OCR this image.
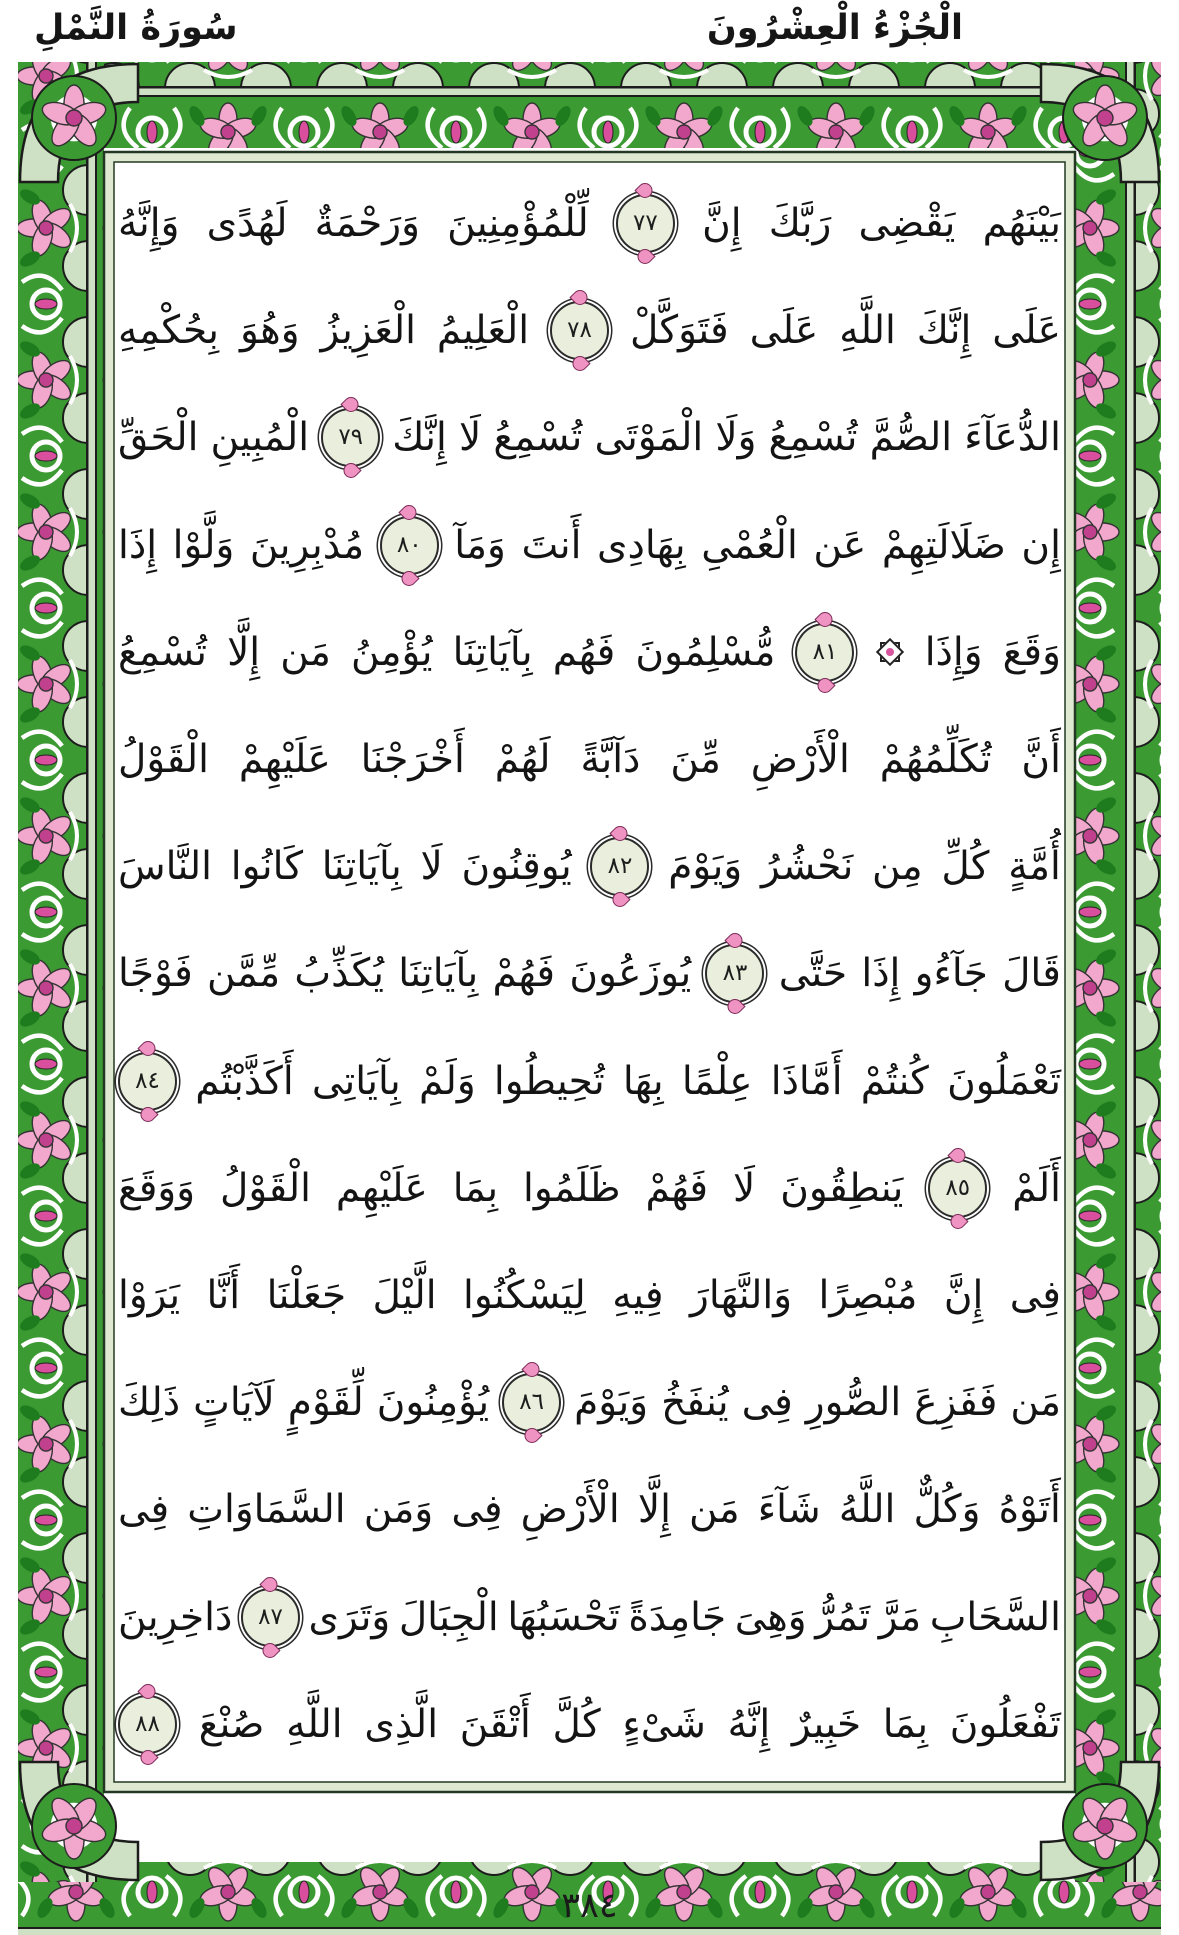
الْجُزْءُ الْعِشْرُونَ
سُورَةُ النَّمْلِ
وَإِنَّهُ لَهُدًى وَرَحْمَةٌ لِّلْمُؤْمِنِينَ ٧٧ إِنَّ رَبَّكَ يَقْضِى بَيْنَهُم
بِحُكْمِهِ وَهُوَ الْعَزِيزُ الْعَلِيمُ ٧٨ فَتَوَكَّلْ عَلَى اللَّهِ إِنَّكَ عَلَى
الْحَقِّ الْمُبِينِ ٧٩ إِنَّكَ لَا تُسْمِعُ الْمَوْتَى وَلَا تُسْمِعُ الصُّمَّ الدُّعَآءَ
إِذَا وَلَّوْا مُدْبِرِينَ ٨٠ وَمَآ أَنتَ بِهَادِى الْعُمْىِ عَن ضَلَالَتِهِمْ إِن
تُسْمِعُ إِلَّا مَن يُؤْمِنُ بِآيَاتِنَا فَهُم مُّسْلِمُونَ ٨١ وَإِذَا وَقَعَ
الْقَوْلُ عَلَيْهِمْ أَخْرَجْنَا لَهُمْ دَآبَّةً مِّنَ الْأَرْضِ تُكَلِّمُهُمْ أَنَّ
النَّاسَ كَانُوا بِآيَاتِنَا لَا يُوقِنُونَ ٨٢ وَيَوْمَ نَحْشُرُ مِن كُلِّ أُمَّةٍ
فَوْجًا مِّمَّن يُكَذِّبُ بِآيَاتِنَا فَهُمْ يُوزَعُونَ ٨٣ حَتَّى إِذَا جَآءُو قَالَ
٨٤ أَكَذَّبْتُم بِآيَاتِى وَلَمْ تُحِيطُوا بِهَا عِلْمًا أَمَّاذَا كُنتُمْ تَعْمَلُونَ
وَوَقَعَ الْقَوْلُ عَلَيْهِم بِمَا ظَلَمُوا فَهُمْ لَا يَنطِقُونَ ٨٥ أَلَمْ
يَرَوْا أَنَّا جَعَلْنَا الَّيْلَ لِيَسْكُنُوا فِيهِ وَالنَّهَارَ مُبْصِرًا إِنَّ فِى
ذَلِكَ لَآيَاتٍ لِّقَوْمٍ يُؤْمِنُونَ ٨٦ وَيَوْمَ يُنفَخُ فِى الصُّورِ فَفَزِعَ مَن
فِى السَّمَاوَاتِ وَمَن فِى الْأَرْضِ إِلَّا مَن شَآءَ اللَّهُ وَكُلٌّ أَتَوْهُ
دَاخِرِينَ ٨٧ وَتَرَى الْجِبَالَ تَحْسَبُهَا جَامِدَةً وَهِىَ تَمُرُّ مَرَّ السَّحَابِ
٨٨ صُنْعَ اللَّهِ الَّذِى أَتْقَنَ كُلَّ شَىْءٍ إِنَّهُ خَبِيرٌ بِمَا تَفْعَلُونَ
٣٨٤
